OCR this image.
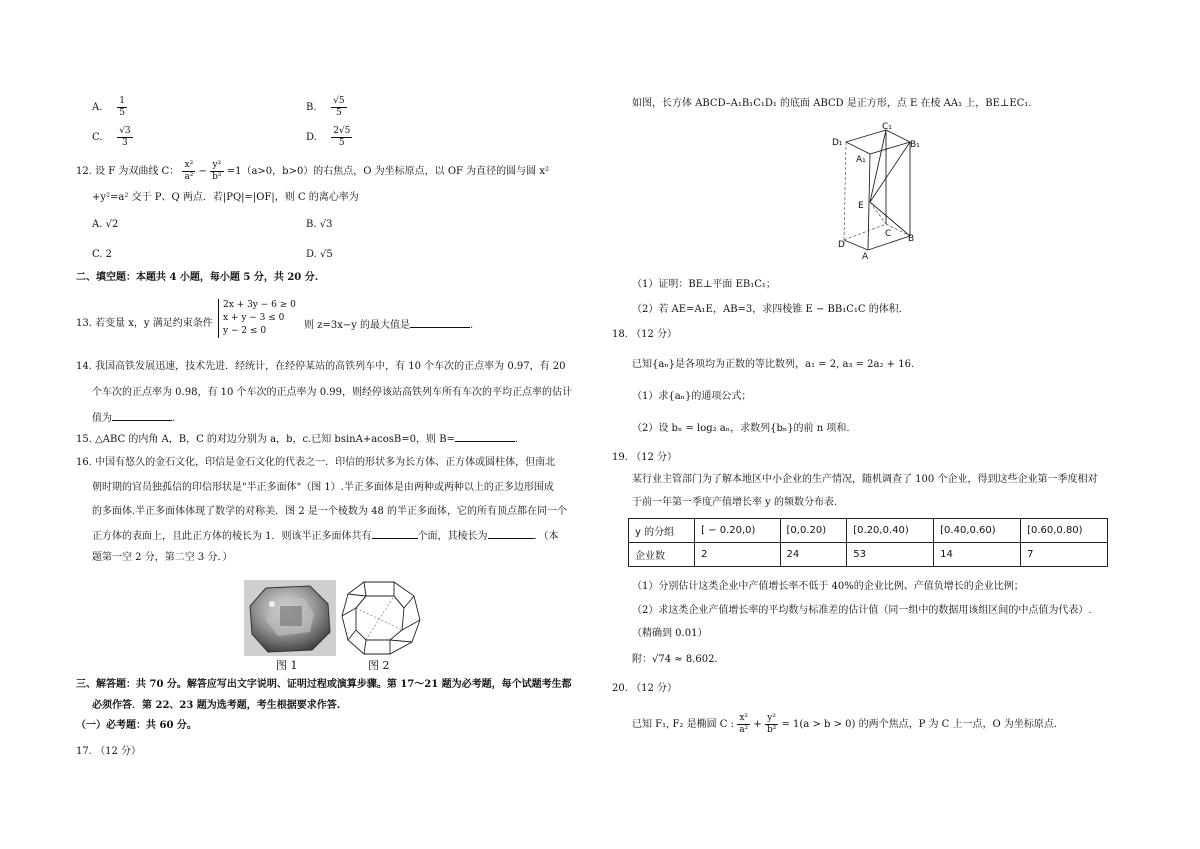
A. $\frac{1}{5}$	B. $\frac{√5}{5}$
C. $\frac{√3}{3}$	D. $\frac{2√5}{5}$
12. 设 F 为双曲线 C： $\frac{\text{x²}}{\text{a²}} - \frac{\text{y²}}{\text{b²}} =1(a>0$，b>0）的右焦点，O 为坐标原点，以 OF 为直径的圆与圆 x²
+y²=a² 交于 P、Q 两点．若|PQ|=|OF|，则 C 的离心率为
A. √2	B. √3
C. 2	D. √5
二、填空题：本题共 4 小题，每小题 5 分，共 20 分.
13. 若变量 x，y 满足约束条件
2x + 3y − 6 ≥ 0
x + y − 3 ≤ 0
y − 2 ≤ 0	则 z=3x−y 的最大值是	.
14. 我国高铁发展迅速，技术先进．经统计，在经停某站的高铁列车中，有 10 个车次的正点率为 0.97，有 20
个车次的正点率为 0.98，有 10 个车次的正点率为 0.99，则经停该站高铁列车所有车次的平均正点率的估计
值为	.
15. △ABC 的内角 A，B，C 的对边分别为 a，b，c.已知 bsinA+acosB=0，则 B=	.
16. 中国有悠久的金石文化，印信是金石文化的代表之一．印信的形状多为长方体、正方体或圆柱体，但南北
朝时期的官员独孤信的印信形状是"半正多面体"（图 1）.半正多面体是由两种或两种以上的正多边形围成
的多面体.半正多面体体现了数学的对称美．图 2 是一个棱数为 48 的半正多面体，它的所有顶点都在同一个
正方体的表面上，且此正方体的棱长为 1．则该半正多面体共有	个面，其棱长为	．（本
题第一空 2 分，第二空 3 分．）
图 1	图 2
三、解答题：共 70 分。解答应写出文字说明、证明过程或演算步骤。第 17～21 题为必考题，每个试题考生都
必须作答．第 22、23 题为选考题，考生根据要求作答.
（一）必考题：共 60 分。
17. （12 分）
如图，长方体 ABCD–A₁B₁C₁D₁ 的底面 ABCD 是正方形，点 E 在棱 AA₁ 上，BE⊥EC₁.
C₁
D₁	B₁
A₁
E
C B
D
A
（1）证明：BE⊥平面 EB₁C₁；
（2）若 AE=A₁E，AB=3，求四棱锥 E − BB₁C₁C 的体积.
18. （12 分）
已知{aₙ}是各项均为正数的等比数列，a₁ = 2, a₃ = 2a₂ + 16.
（1）求{aₙ}的通项公式；
（2）设 bₙ = log₂ aₙ，求数列{bₙ}的前 n 项和.
19. （12 分）
某行业主管部门为了解本地区中小企业的生产情况，随机调查了 100 个企业，得到这些企业第一季度相对
于前一年第一季度产值增长率 y 的频数分布表.
y 的分组	[ − 0.20,0)	[0,0.20)	[0.20,0.40)	[0.40,0.60)	[0.60,0.80)
企业数	2	24	53	14	7
（1）分别估计这类企业中产值增长率不低于 40%的企业比例、产值负增长的企业比例；
（2）求这类企业产值增长率的平均数与标准差的估计值（同一组中的数据用该组区间的中点值为代表）.
（精确到 0.01）
附：√74 ≈ 8.602.
20. （12 分）
已知 F₁, F₂ 是椭圆 C : $\frac{\text{x²}}{\text{a²}} + \frac{\text{y²}}{\text{b²}} = 1(a > b > 0)$ 的两个焦点，P 为 C 上一点，O 为坐标原点.
